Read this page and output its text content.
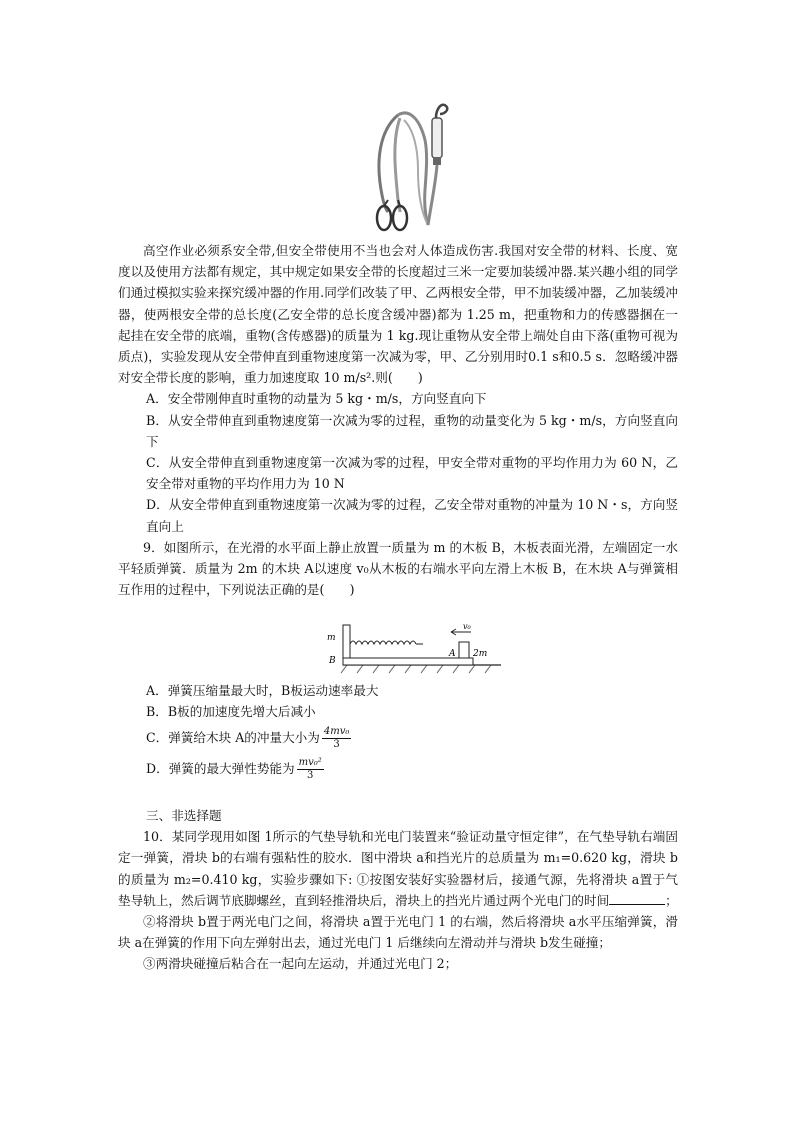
高空作业必须系安全带,但安全带使用不当也会对人体造成伤害.我国对安全带的材料、长度、宽度以及使用方法都有规定，其中规定如果安全带的长度超过三米一定要加装缓冲器.某兴趣小组的同学们通过模拟实验来探究缓冲器的作用.同学们改装了甲、乙两根安全带，甲不加装缓冲器，乙加装缓冲器，使两根安全带的总长度(乙安全带的总长度含缓冲器)都为 1.25 m，把重物和力的传感器捆在一起挂在安全带的底端，重物(含传感器)的质量为 1 kg.现让重物从安全带上端处自由下落(重物可视为质点)，实验发现从安全带伸直到重物速度第一次减为零，甲、乙分别用时0.1 s和0.5 s．忽略缓冲器对安全带长度的影响，重力加速度取 10 m/s².则(　　)

A．安全带刚伸直时重物的动量为 5 kg・m/s，方向竖直向下

B．从安全带伸直到重物速度第一次减为零的过程，重物的动量变化为 5 kg・m/s，方向竖直向下

C．从安全带伸直到重物速度第一次减为零的过程，甲安全带对重物的平均作用力为 60 N，乙安全带对重物的平均作用力为 10 N

D．从安全带伸直到重物速度第一次减为零的过程，乙安全带对重物的冲量为 10 N・s，方向竖直向上

9．如图所示，在光滑的水平面上静止放置一质量为 m 的木板 B，木板表面光滑，左端固定一水平轻质弹簧．质量为 2m 的木块 A以速度 v₀从木板的右端水平向左滑上木板 B，在木块 A与弹簧相互作用的过程中，下列说法正确的是(　　)

m
B
A 2m
v₀

A．弹簧压缩量最大时，B板运动速率最大

B．B板的加速度先增大后减小

C．弹簧给木块 A的冲量大小为 $\frac{\text{4mv₀}}{3}$

D．弹簧的最大弹性势能为 $\frac{\text{mv₀²}}{3}$

三、非选择题

10．某同学现用如图 1所示的气垫导轨和光电门装置来“验证动量守恒定律”，在气垫导轨右端固定一弹簧，滑块 b的右端有强粘性的胶水．图中滑块 a和挡光片的总质量为 m₁=0.620 kg，滑块 b的质量为 m₂=0.410 kg，实验步骤如下: ①按图安装好实验器材后，接通气源，先将滑块 a置于气垫导轨上，然后调节底脚螺丝，直到轻推滑块后，滑块上的挡光片通过两个光电门的时间	；

②将滑块 b置于两光电门之间，将滑块 a置于光电门 1 的右端，然后将滑块 a水平压缩弹簧，滑块 a在弹簧的作用下向左弹射出去，通过光电门 1 后继续向左滑动并与滑块 b发生碰撞；

③两滑块碰撞后粘合在一起向左运动，并通过光电门 2；
